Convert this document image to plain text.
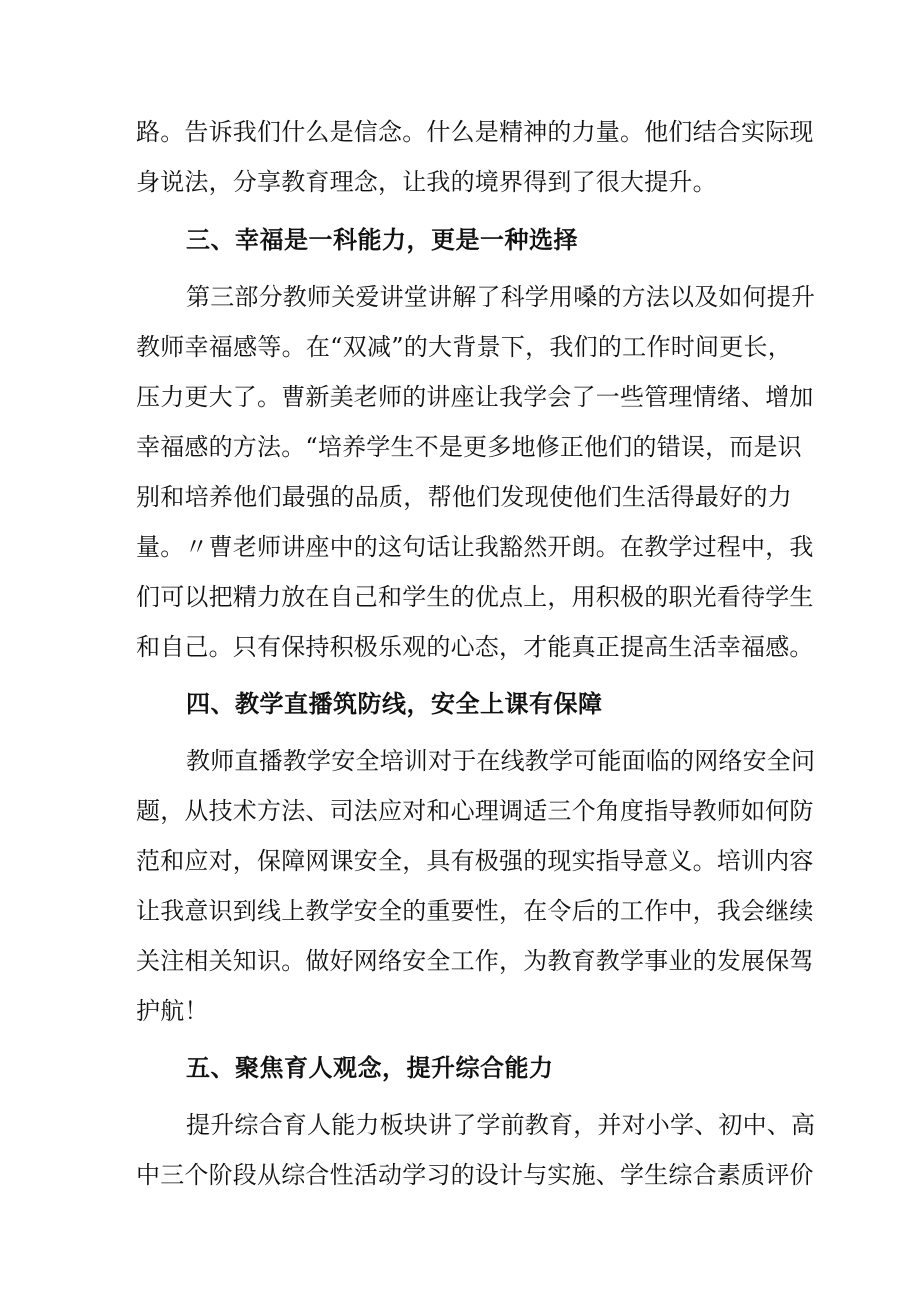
路。告诉我们什么是信念。什么是精神的力量。他们结合实际现
身说法，分享教育理念，让我的境界得到了很大提升。
三、幸福是一科能力，更是一种选择
第三部分教师关爱讲堂讲解了科学用嗓的方法以及如何提升
教师幸福感等。在“双减”的大背景下，我们的工作时间更长，
压力更大了。曹新美老师的讲座让我学会了一些管理情绪、增加
幸福感的方法。“培养学生不是更多地修正他们的错误，而是识
别和培养他们最强的品质，帮他们发现使他们生活得最好的力
量。〃曹老师讲座中的这句话让我豁然开朗。在教学过程中，我
们可以把精力放在自己和学生的优点上，用积极的职光看待学生
和自己。只有保持积极乐观的心态，才能真正提高生活幸福感。
四、教学直播筑防线，安全上课有保障
教师直播教学安全培训对于在线教学可能面临的网络安全问
题，从技术方法、司法应对和心理调适三个角度指导教师如何防
范和应对，保障网课安全，具有极强的现实指导意义。培训内容
让我意识到线上教学安全的重要性，在令后的工作中，我会继续
关注相关知识。做好网络安全工作，为教育教学事业的发展保驾
护航！
五、聚焦育人观念，提升综合能力
提升综合育人能力板块讲了学前教育，并对小学、初中、高
中三个阶段从综合性活动学习的设计与实施、学生综合素质评价
